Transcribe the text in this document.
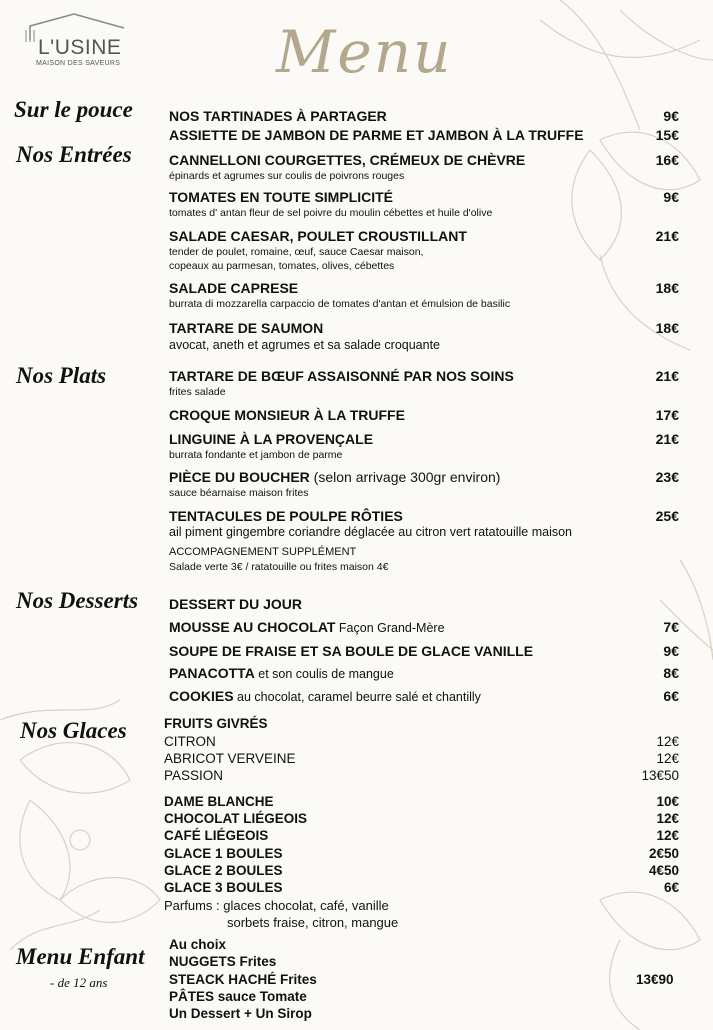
L'USINE
MAISON DES SAVEURS	Menu
Sur le pouce
Nos Entrées
Nos Plats
Nos Desserts
Nos Glaces
Menu Enfant
- de 12 ans
NOS TARTINADES À PARTAGER	9€
ASSIETTE DE JAMBON DE PARME ET JAMBON À LA TRUFFE	15€
CANNELLONI COURGETTES, CRÉMEUX DE CHÈVRE	16€
épinards et agrumes sur coulis de poivrons rouges
TOMATES EN TOUTE SIMPLICITÉ	9€
tomates d' antan fleur de sel poivre du moulin cébettes et huile d'olive
SALADE CAESAR, POULET CROUSTILLANT	21€
tender de poulet, romaine, œuf, sauce Caesar maison,
copeaux au parmesan, tomates, olives, cébettes
SALADE CAPRESE	18€
burrata di mozzarella carpaccio de tomates d'antan et émulsion de basilic
TARTARE DE SAUMON	18€
avocat, aneth et agrumes et sa salade croquante
TARTARE DE BŒUF ASSAISONNÉ PAR NOS SOINS	21€
frites salade
CROQUE MONSIEUR À LA TRUFFE	17€
LINGUINE À LA PROVENÇALE	21€
burrata fondante et jambon de parme
PIÈCE DU BOUCHER (selon arrivage 300gr environ)	23€
sauce béarnaise maison frites
TENTACULES DE POULPE RÔTIES	25€
ail piment gingembre coriandre déglacée au citron vert ratatouille maison
ACCOMPAGNEMENT SUPPLÉMENT
Salade verte 3€ / ratatouille ou frites maison 4€
DESSERT DU JOUR
MOUSSE AU CHOCOLAT Façon Grand-Mère	7€
SOUPE DE FRAISE ET SA BOULE DE GLACE VANILLE	9€
PANACOTTA et son coulis de mangue	8€
COOKIES au chocolat, caramel beurre salé et chantilly	6€
FRUITS GIVRÉS
CITRON	12€
ABRICOT VERVEINE	12€
PASSION	13€50
DAME BLANCHE	10€
CHOCOLAT LIÉGEOIS	12€
CAFÉ LIÉGEOIS	12€
GLACE 1 BOULES	2€50
GLACE 2 BOULES	4€50
GLACE 3 BOULES	6€
Parfums : glaces chocolat, café, vanille
sorbets fraise, citron, mangue
Au choix
NUGGETS Frites
STEACK HACHÉ Frites
PÂTES sauce Tomate
Un Dessert + Un Sirop
13€90
